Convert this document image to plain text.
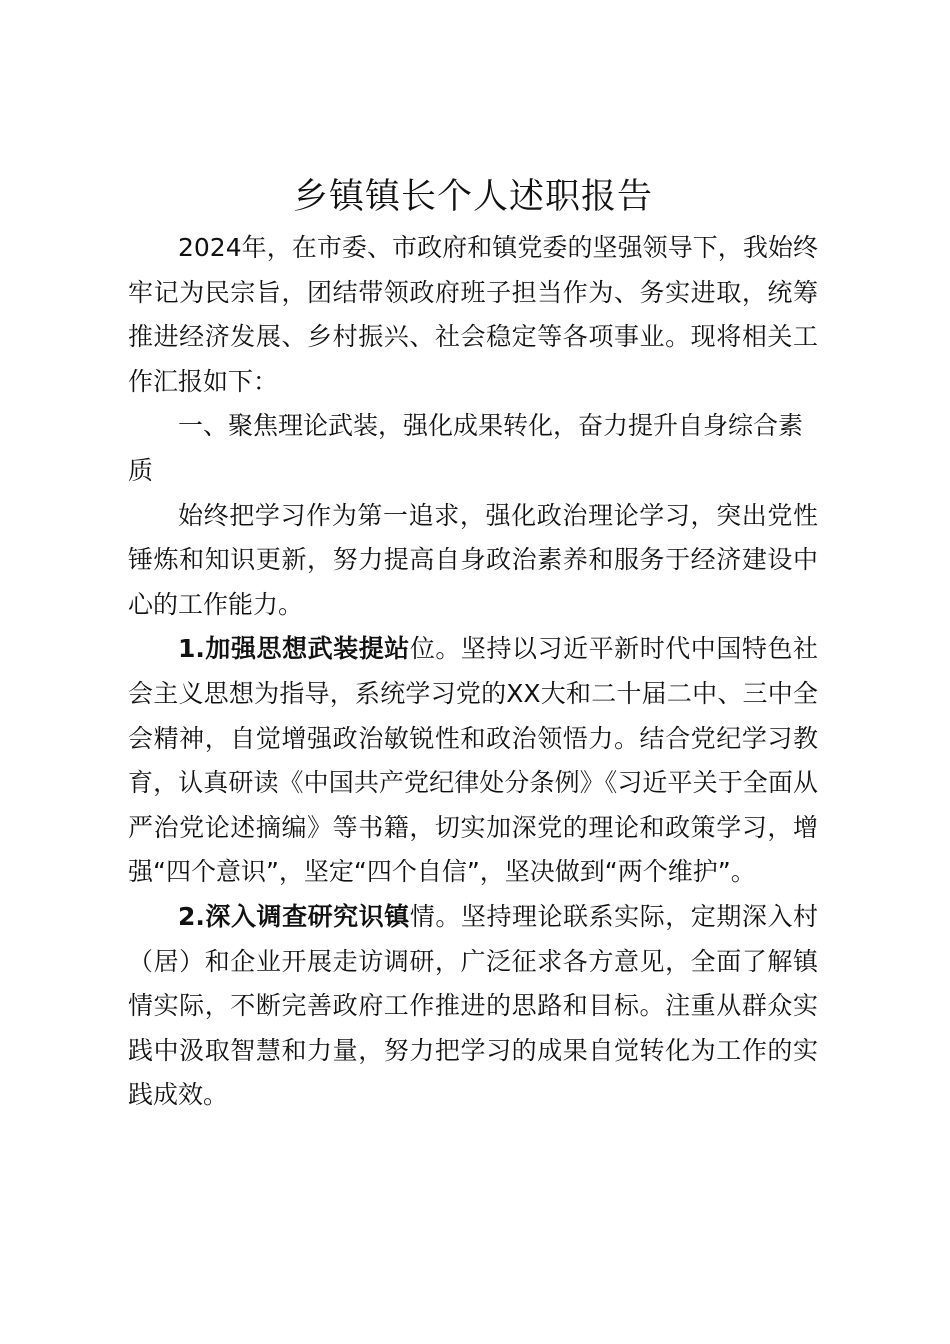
乡镇镇长个人述职报告

2024年，在市委、市政府和镇党委的坚强领导下，我始终牢记为民宗旨，团结带领政府班子担当作为、务实进取，统筹推进经济发展、乡村振兴、社会稳定等各项事业。现将相关工作汇报如下：

一、聚焦理论武装，强化成果转化，奋力提升自身综合素质

始终把学习作为第一追求，强化政治理论学习，突出党性锤炼和知识更新，努力提高自身政治素养和服务于经济建设中心的工作能力。

1.加强思想武装提站位。坚持以习近平新时代中国特色社会主义思想为指导，系统学习党的XX大和二十届二中、三中全会精神，自觉增强政治敏锐性和政治领悟力。结合党纪学习教育，认真研读《中国共产党纪律处分条例》《习近平关于全面从严治党论述摘编》等书籍，切实加深党的理论和政策学习，增强“四个意识”，坚定“四个自信”，坚决做到“两个维护”。

2.深入调查研究识镇情。坚持理论联系实际，定期深入村（居）和企业开展走访调研，广泛征求各方意见，全面了解镇情实际，不断完善政府工作推进的思路和目标。注重从群众实践中汲取智慧和力量，努力把学习的成果自觉转化为工作的实践成效。
